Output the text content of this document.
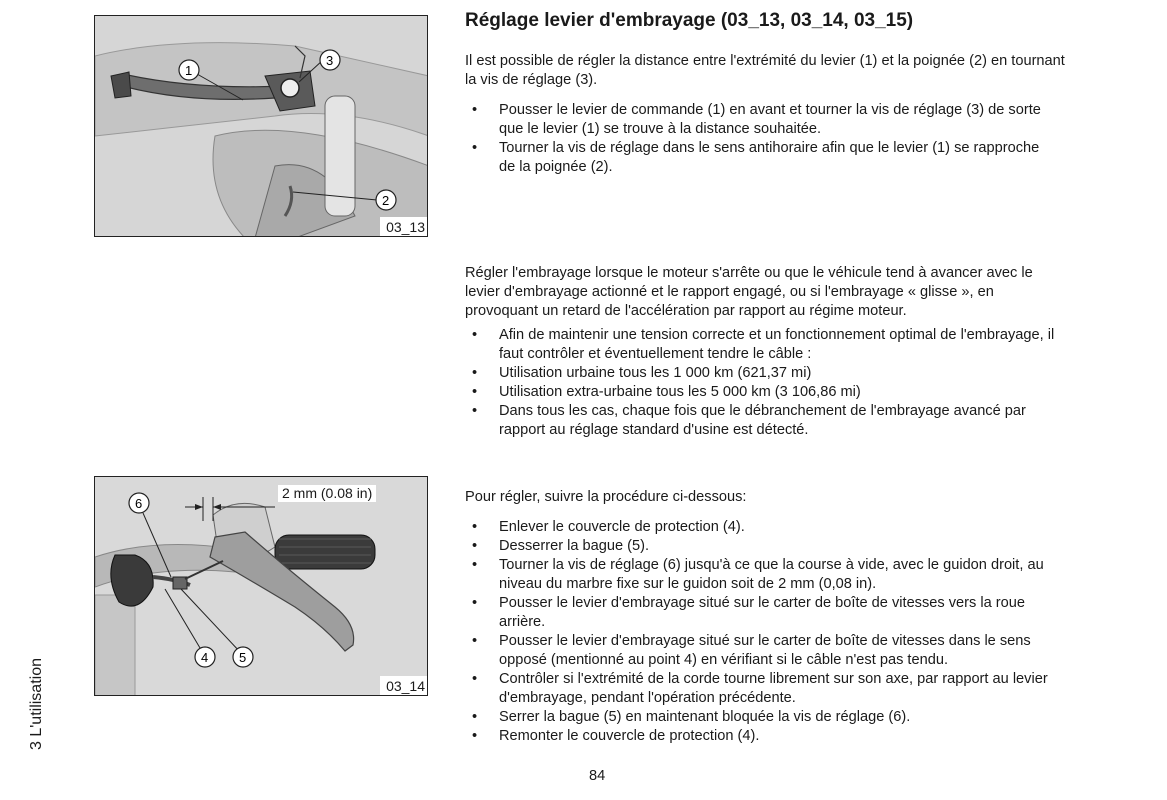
1
3
2
03_13
6
4 5
2 mm (0.08 in)
03_14
Réglage levier d'embrayage (03_13, 03_14, 03_15)

Il est possible de régler la distance entre l'extrémité du levier (1) et la poignée (2) en tournant la vis de réglage (3).

• Pousser le levier de commande (1) en avant et tourner la vis de réglage (3) de sorte que le levier (1) se trouve à la distance souhaitée.
• Tourner la vis de réglage dans le sens antihoraire afin que le levier (1) se rapproche de la poignée (2).

Régler l'embrayage lorsque le moteur s'arrête ou que le véhicule tend à avancer avec le levier d'embrayage actionné et le rapport engagé, ou si l'embrayage « glisse », en provoquant un retard de l'accélération par rapport au régime moteur.

• Afin de maintenir une tension correcte et un fonctionnement optimal de l'embrayage, il faut contrôler et éventuellement tendre le câble :
• Utilisation urbaine tous les 1 000 km (621,37 mi)
• Utilisation extra-urbaine tous les 5 000 km (3 106,86 mi)
• Dans tous les cas, chaque fois que le débranchement de l'embrayage avancé par rapport au réglage standard d'usine est détecté.

Pour régler, suivre la procédure ci-dessous:

• Enlever le couvercle de protection (4).
• Desserrer la bague (5).
• Tourner la vis de réglage (6) jusqu'à ce que la course à vide, avec le guidon droit, au niveau du marbre fixe sur le guidon soit de 2 mm (0,08 in).
• Pousser le levier d'embrayage situé sur le carter de boîte de vitesses vers la roue arrière.
• Pousser le levier d'embrayage situé sur le carter de boîte de vitesses dans le sens opposé (mentionné au point 4) en vérifiant si le câble n'est pas tendu.
• Contrôler si l'extrémité de la corde tourne librement sur son axe, par rapport au levier d'embrayage, pendant l'opération précédente.
• Serrer la bague (5) en maintenant bloquée la vis de réglage (6).
• Remonter le couvercle de protection (4).
3 L'utilisation
84
